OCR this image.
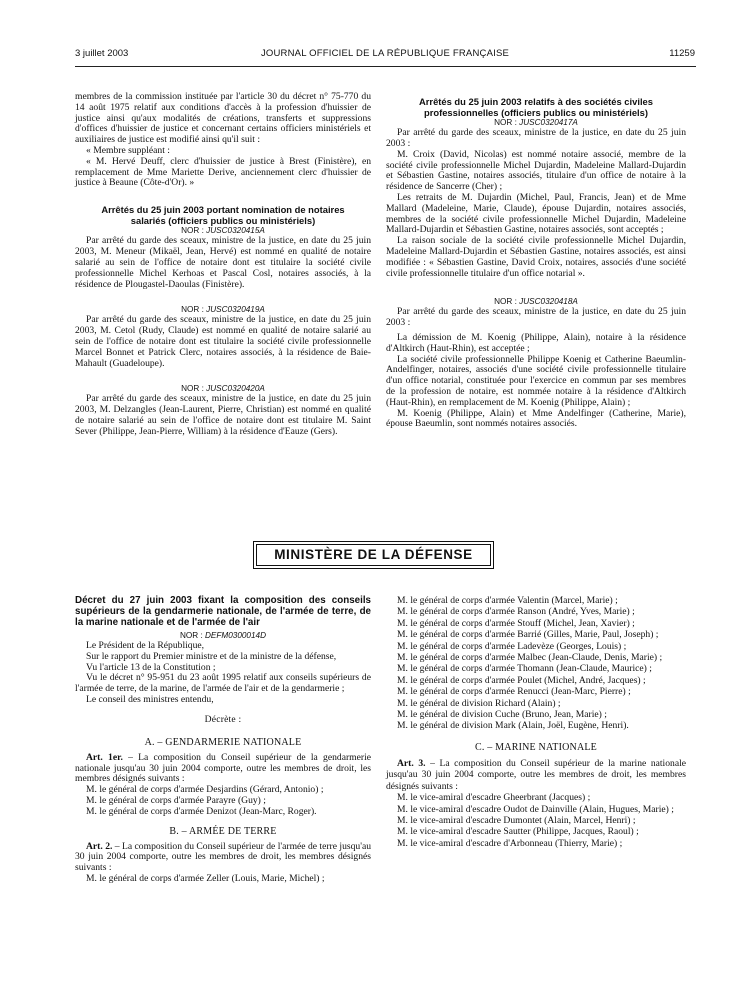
3 juillet 2003	JOURNAL OFFICIEL DE LA RÉPUBLIQUE FRANÇAISE	11259

membres de la commission instituée par l'article 30 du décret n° 75-770 du 14 août 1975 relatif aux conditions d'accès à la profession d'huissier de justice ainsi qu'aux modalités de créations, transferts et suppressions d'offices d'huissier de justice et concernant certains officiers ministériels et auxiliaires de justice est modifié ainsi qu'il suit :

« Membre suppléant :

« M. Hervé Deuff, clerc d'huissier de justice à Brest (Finistère), en remplacement de Mme Mariette Derive, anciennement clerc d'huissier de justice à Beaune (Côte-d'Or). »

Arrêtés du 25 juin 2003 portant nomination de notaires salariés (officiers publics ou ministériels)

NOR : JUSC0320415A

Par arrêté du garde des sceaux, ministre de la justice, en date du 25 juin 2003, M. Meneur (Mikaël, Jean, Hervé) est nommé en qualité de notaire salarié au sein de l'office de notaire dont est titulaire la société civile professionnelle Michel Kerhoas et Pascal Cosl, notaires associés, à la résidence de Plougastel-Daoulas (Finistère).

NOR : JUSC0320419A

Par arrêté du garde des sceaux, ministre de la justice, en date du 25 juin 2003, M. Cetol (Rudy, Claude) est nommé en qualité de notaire salarié au sein de l'office de notaire dont est titulaire la société civile professionnelle Marcel Bonnet et Patrick Clerc, notaires associés, à la résidence de Baie-Mahault (Guadeloupe).

NOR : JUSC0320420A

Par arrêté du garde des sceaux, ministre de la justice, en date du 25 juin 2003, M. Delzangles (Jean-Laurent, Pierre, Christian) est nommé en qualité de notaire salarié au sein de l'office de notaire dont est titulaire M. Saint Sever (Philippe, Jean-Pierre, William) à la résidence d'Eauze (Gers).

Arrêtés du 25 juin 2003 relatifs à des sociétés civiles professionnelles (officiers publics ou ministériels)

NOR : JUSC0320417A

Par arrêté du garde des sceaux, ministre de la justice, en date du 25 juin 2003 :

M. Croix (David, Nicolas) est nommé notaire associé, membre de la société civile professionnelle Michel Dujardin, Madeleine Mallard-Dujardin et Sébastien Gastine, notaires associés, titulaire d'un office de notaire à la résidence de Sancerre (Cher) ;

Les retraits de M. Dujardin (Michel, Paul, Francis, Jean) et de Mme Mallard (Madeleine, Marie, Claude), épouse Dujardin, notaires associés, membres de la société civile professionnelle Michel Dujardin, Madeleine Mallard-Dujardin et Sébastien Gastine, notaires associés, sont acceptés ;

La raison sociale de la société civile professionnelle Michel Dujardin, Madeleine Mallard-Dujardin et Sébastien Gastine, notaires associés, est ainsi modifiée : « Sébastien Gastine, David Croix, notaires, associés d'une société civile professionnelle titulaire d'un office notarial ».

NOR : JUSC0320418A

Par arrêté du garde des sceaux, ministre de la justice, en date du 25 juin 2003 :

La démission de M. Koenig (Philippe, Alain), notaire à la résidence d'Altkirch (Haut-Rhin), est acceptée ;

La société civile professionnelle Philippe Koenig et Catherine Baeumlin-Andelfinger, notaires, associés d'une société civile professionnelle titulaire d'un office notarial, constituée pour l'exercice en commun par ses membres de la profession de notaire, est nommée notaire à la résidence d'Altkirch (Haut-Rhin), en remplacement de M. Koenig (Philippe, Alain) ;

M. Koenig (Philippe, Alain) et Mme Andelfinger (Catherine, Marie), épouse Baeumlin, sont nommés notaires associés.

MINISTÈRE DE LA DÉFENSE

Décret du 27 juin 2003 fixant la composition des conseils supérieurs de la gendarmerie nationale, de l'armée de terre, de la marine nationale et de l'armée de l'air

NOR : DEFM0300014D

Le Président de la République,

Sur le rapport du Premier ministre et de la ministre de la défense,

Vu l'article 13 de la Constitution ;

Vu le décret n° 95-951 du 23 août 1995 relatif aux conseils supérieurs de l'armée de terre, de la marine, de l'armée de l'air et de la gendarmerie ;

Le conseil des ministres entendu,

Décrète :

A. – GENDARMERIE NATIONALE

Art. 1er. – La composition du Conseil supérieur de la gendarmerie nationale jusqu'au 30 juin 2004 comporte, outre les membres de droit, les membres désignés suivants :

M. le général de corps d'armée Desjardins (Gérard, Antonio) ;

M. le général de corps d'armée Parayre (Guy) ;

M. le général de corps d'armée Denizot (Jean-Marc, Roger).

B. – ARMÉE DE TERRE

Art. 2. – La composition du Conseil supérieur de l'armée de terre jusqu'au 30 juin 2004 comporte, outre les membres de droit, les membres désignés suivants :

M. le général de corps d'armée Zeller (Louis, Marie, Michel) ;

M. le général de corps d'armée Valentin (Marcel, Marie) ;

M. le général de corps d'armée Ranson (André, Yves, Marie) ;

M. le général de corps d'armée Stouff (Michel, Jean, Xavier) ;

M. le général de corps d'armée Barrié (Gilles, Marie, Paul, Joseph) ;

M. le général de corps d'armée Ladevèze (Georges, Louis) ;

M. le général de corps d'armée Malbec (Jean-Claude, Denis, Marie) ;

M. le général de corps d'armée Thomann (Jean-Claude, Maurice) ;

M. le général de corps d'armée Poulet (Michel, André, Jacques) ;

M. le général de corps d'armée Renucci (Jean-Marc, Pierre) ;

M. le général de division Richard (Alain) ;

M. le général de division Cuche (Bruno, Jean, Marie) ;

M. le général de division Mark (Alain, Joël, Eugène, Henri).

C. – MARINE NATIONALE

Art. 3. – La composition du Conseil supérieur de la marine nationale jusqu'au 30 juin 2004 comporte, outre les membres de droit, les membres désignés suivants :

M. le vice-amiral d'escadre Gheerbrant (Jacques) ;

M. le vice-amiral d'escadre Oudot de Dainville (Alain, Hugues, Marie) ;

M. le vice-amiral d'escadre Dumontet (Alain, Marcel, Henri) ;

M. le vice-amiral d'escadre Sautter (Philippe, Jacques, Raoul) ;

M. le vice-amiral d'escadre d'Arbonneau (Thierry, Marie) ;
